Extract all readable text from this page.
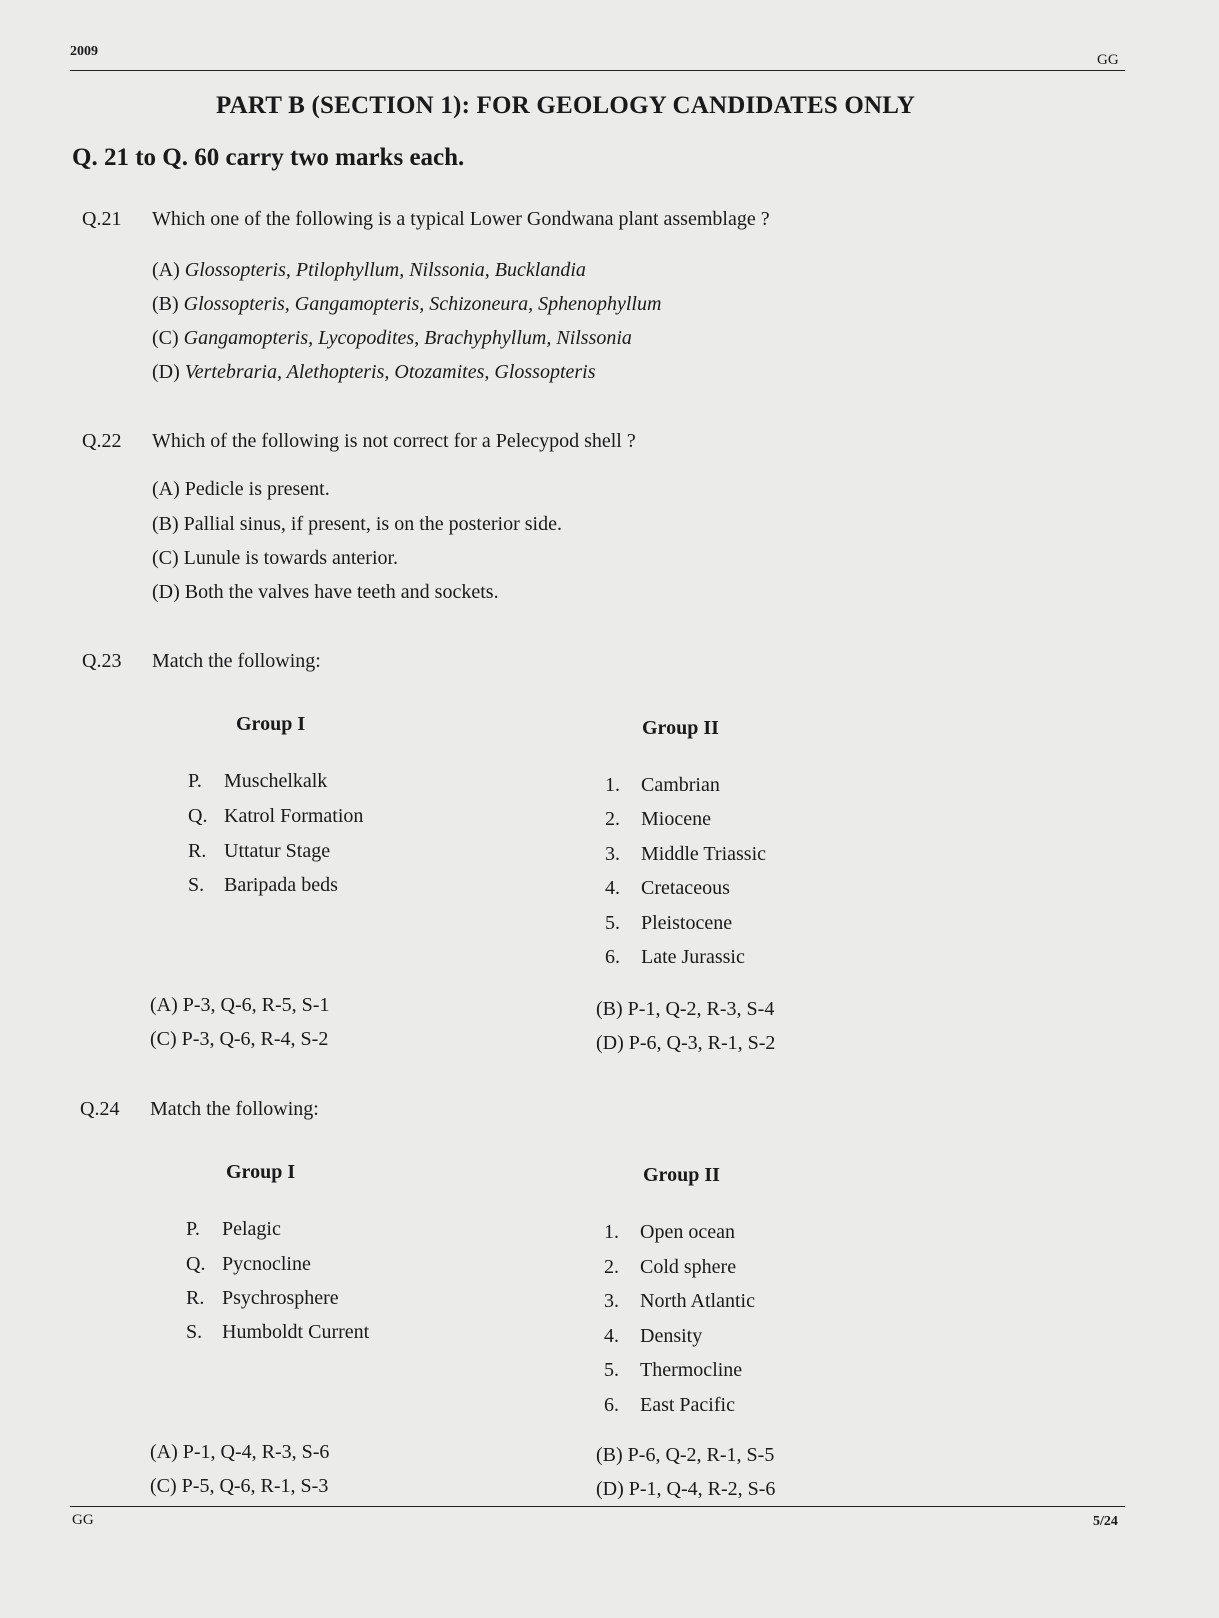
2009
GG
PART B (SECTION 1): FOR GEOLOGY CANDIDATES ONLY
Q. 21 to Q. 60 carry two marks each.
Q.21 Which one of the following is a typical Lower Gondwana plant assemblage ?
(A) Glossopteris, Ptilophyllum, Nilssonia, Bucklandia
(B) Glossopteris, Gangamopteris, Schizoneura, Sphenophyllum
(C) Gangamopteris, Lycopodites, Brachyphyllum, Nilssonia
(D) Vertebraria, Alethopteris, Otozamites, Glossopteris
Q.22 Which of the following is not correct for a Pelecypod shell ?
(A) Pedicle is present.
(B) Pallial sinus, if present, is on the posterior side.
(C) Lunule is towards anterior.
(D) Both the valves have teeth and sockets.
Q.23 Match the following:
Group I	Group II
P. Muschelkalk
Q. Katrol Formation
R. Uttatur Stage
S. Baripada beds
1. Cambrian
2. Miocene
3. Middle Triassic
4. Cretaceous
5. Pleistocene
6. Late Jurassic
(A) P-3, Q-6, R-5, S-1	(B) P-1, Q-2, R-3, S-4
(C) P-3, Q-6, R-4, S-2	(D) P-6, Q-3, R-1, S-2
Q.24 Match the following:
Group I	Group II
P. Pelagic
Q. Pycnocline
R. Psychrosphere
S. Humboldt Current
1. Open ocean
2. Cold sphere
3. North Atlantic
4. Density
5. Thermocline
6. East Pacific
(A) P-1, Q-4, R-3, S-6	(B) P-6, Q-2, R-1, S-5
(C) P-5, Q-6, R-1, S-3	(D) P-1, Q-4, R-2, S-6
GG	5/24
